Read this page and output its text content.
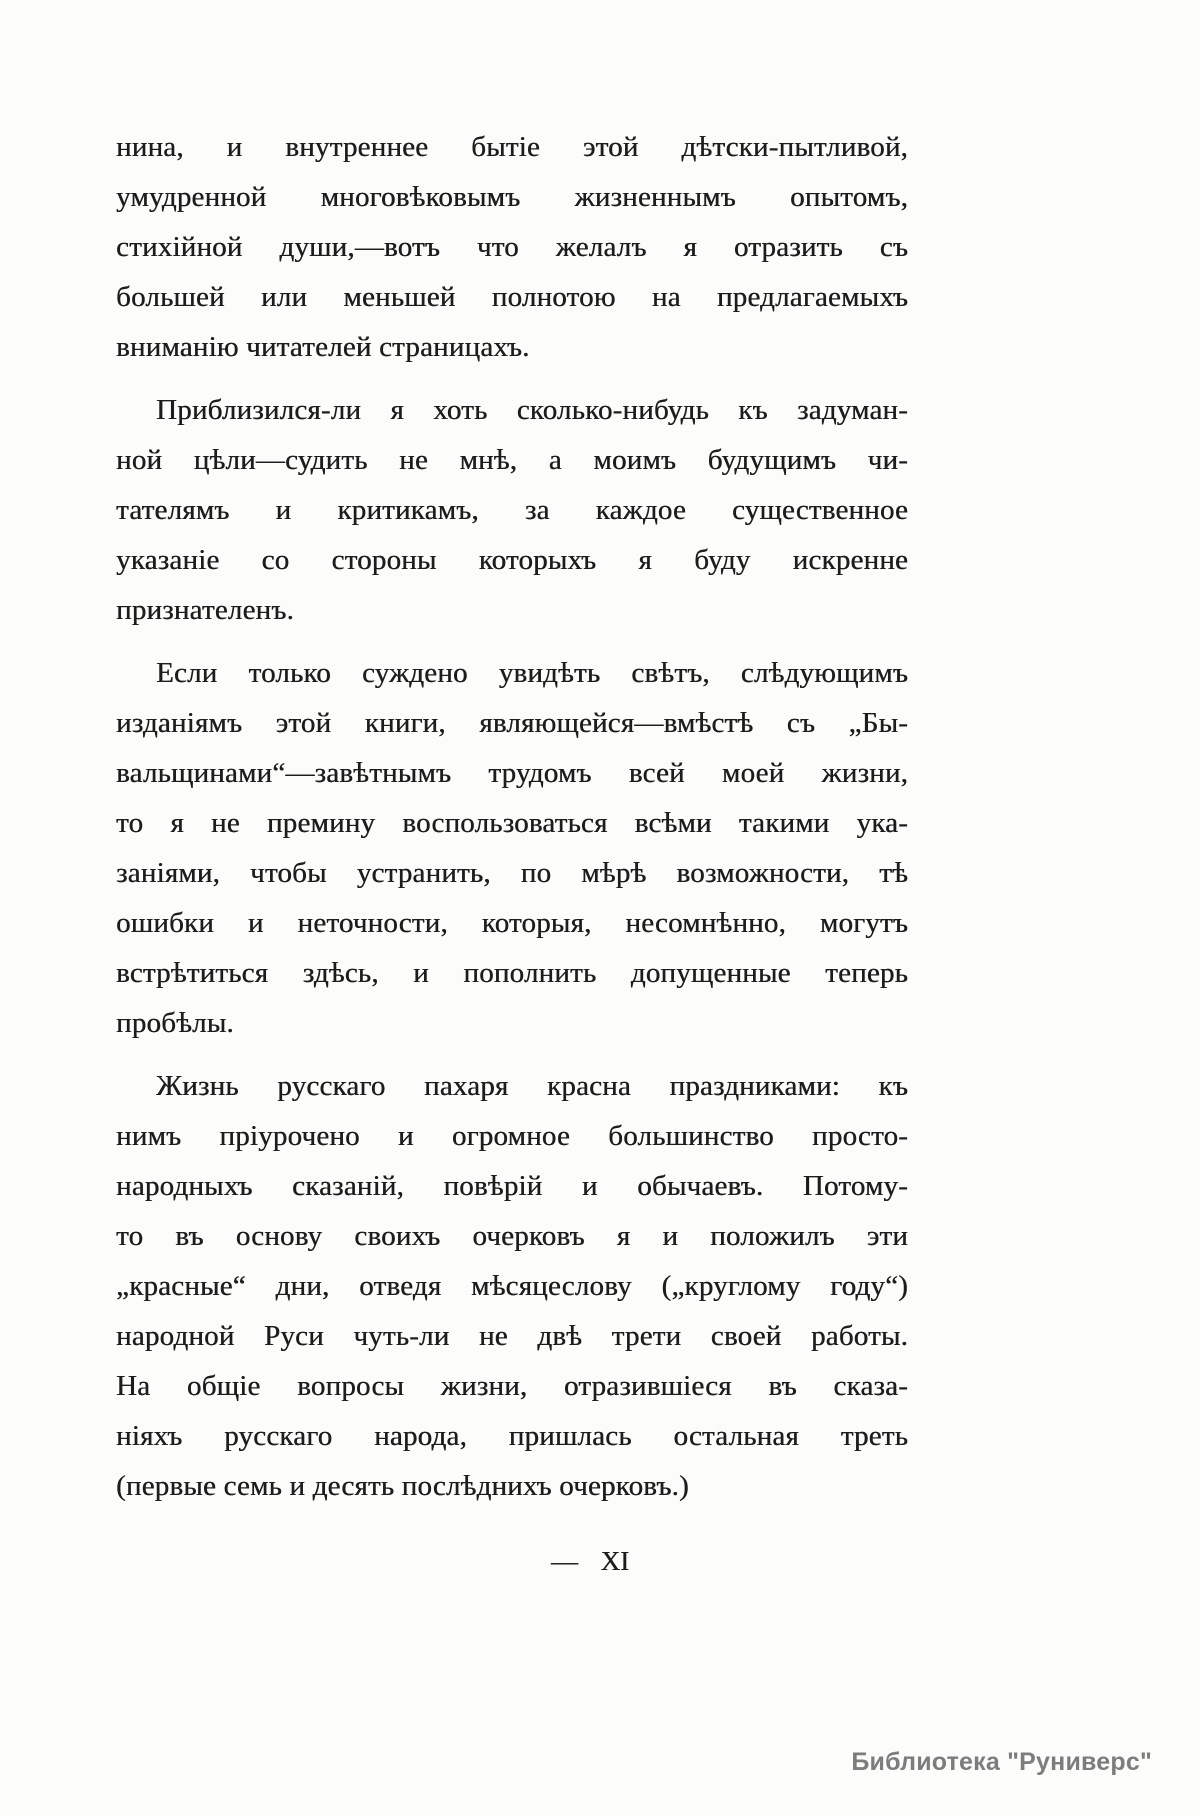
нина, и внутреннее бытіе этой дѣтски-пытливой,
умудренной многовѣковымъ жизненнымъ опытомъ,
стихійной души,—вотъ что желалъ я отразить съ
большей или меньшей полнотою на предлагаемыхъ
вниманію читателей страницахъ.
Приблизился-ли я хоть сколько-нибудь къ задуман-
ной цѣли—судить не мнѣ, а моимъ будущимъ чи-
тателямъ и критикамъ, за каждое существенное
указаніе со стороны которыхъ я буду искренне
признателенъ.
Если только суждено увидѣть свѣтъ, слѣдующимъ
изданіямъ этой книги, являющейся—вмѣстѣ съ „Бы-
вальщинами“—завѣтнымъ трудомъ всей моей жизни,
то я не премину воспользоваться всѣми такими ука-
заніями, чтобы устранить, по мѣрѣ возможности, тѣ
ошибки и неточности, которыя, несомнѣнно, могутъ
встрѣтиться здѣсь, и пополнить допущенные теперь
пробѣлы.
Жизнь русскаго пахаря красна праздниками: къ
нимъ пріурочено и огромное большинство просто-
народныхъ сказаній, повѣрій и обычаевъ. Потому-
то въ основу своихъ очерковъ я и положилъ эти
„красные“ дни, отведя мѣсяцеслову („круглому году“)
народной Руси чуть-ли не двѣ трети своей работы.
На общіе вопросы жизни, отразившіеся въ сказа-
ніяхъ русскаго народа, пришлась остальная треть
(первые семь и десять послѣднихъ очерковъ.)
— XI
Библиотека "Руниверс"
